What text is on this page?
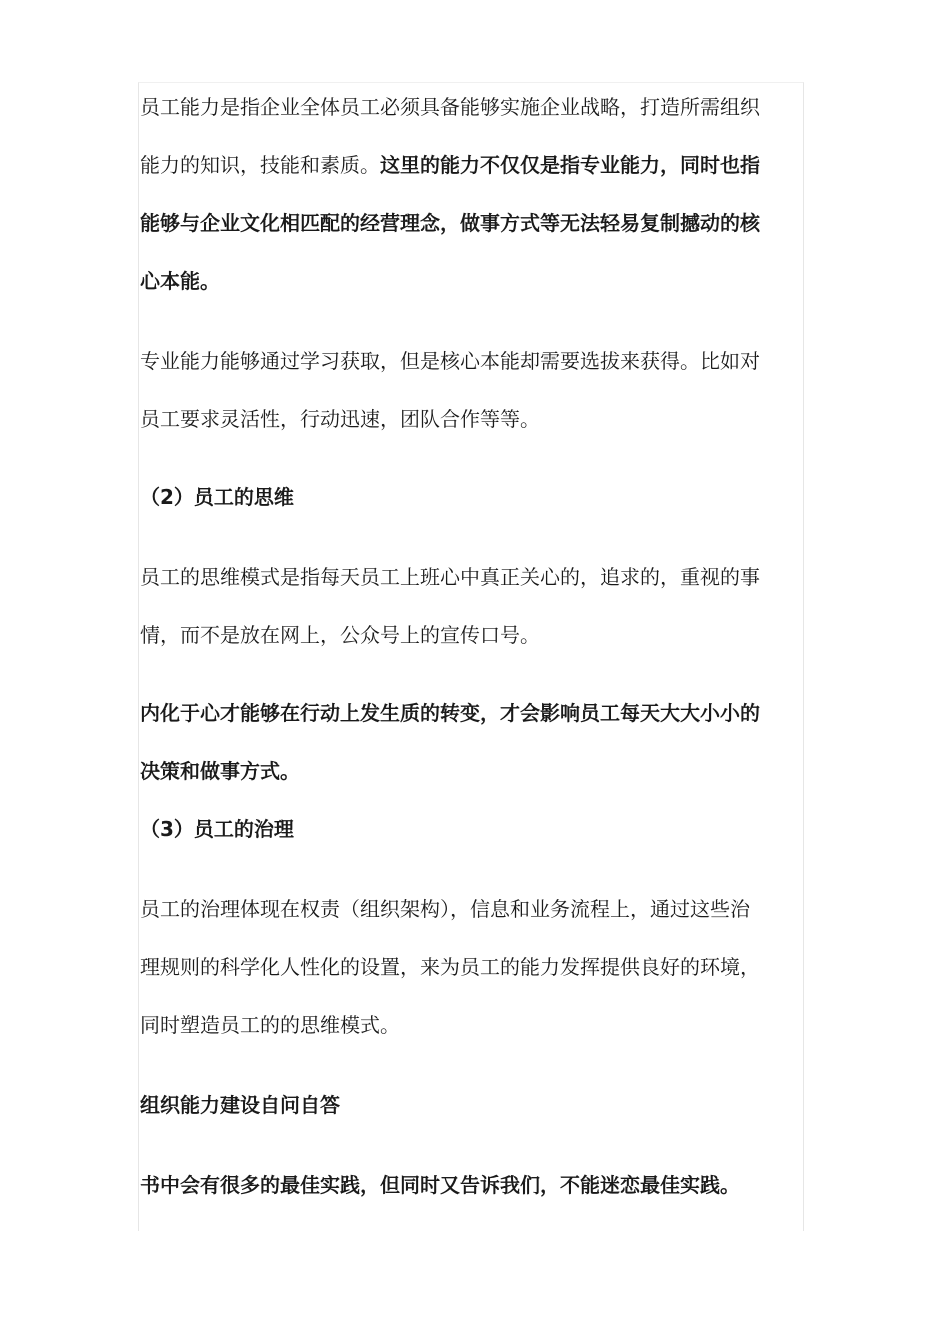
员工能力是指企业全体员工必须具备能够实施企业战略，打造所需组织
能力的知识，技能和素质。这里的能力不仅仅是指专业能力，同时也指
能够与企业文化相匹配的经营理念，做事方式等无法轻易复制撼动的核
心本能。
专业能力能够通过学习获取，但是核心本能却需要选拔来获得。比如对
员工要求灵活性，行动迅速，团队合作等等。
（2）员工的思维
员工的思维模式是指每天员工上班心中真正关心的，追求的，重视的事
情，而不是放在网上，公众号上的宣传口号。
内化于心才能够在行动上发生质的转变，才会影响员工每天大大小小的
决策和做事方式。
（3）员工的治理
员工的治理体现在权责（组织架构），信息和业务流程上，通过这些治
理规则的科学化人性化的设置，来为员工的能力发挥提供良好的环境，
同时塑造员工的的思维模式。
组织能力建设自问自答
书中会有很多的最佳实践，但同时又告诉我们，不能迷恋最佳实践。
